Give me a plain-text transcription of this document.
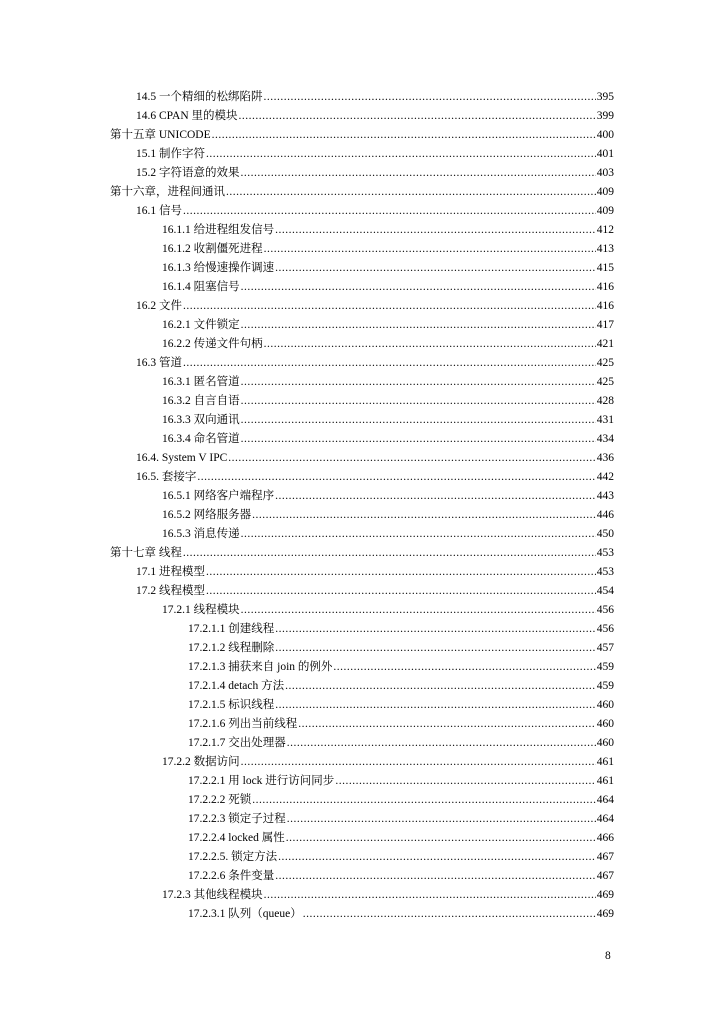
14.5 一个精细的松绑陷阱 .....	395
14.6 CPAN 里的模块 .....	399
第十五章 UNICODE .....	400
15.1 制作字符 .....	401
15.2 字符语意的效果 .....	403
第十六章，进程间通讯 .....	409
16.1 信号 .....	409
16.1.1 给进程组发信号 .....	412
16.1.2 收割僵死进程 .....	413
16.1.3 给慢速操作调速 .....	415
16.1.4 阻塞信号 .....	416
16.2 文件 .....	416
16.2.1 文件锁定 .....	417
16.2.2 传递文件句柄 .....	421
16.3 管道 .....	425
16.3.1 匿名管道 .....	425
16.3.2 自言自语 .....	428
16.3.3 双向通讯 .....	431
16.3.4 命名管道 .....	434
16.4. System V IPC .....	436
16.5. 套接字 .....	442
16.5.1 网络客户端程序 .....	443
16.5.2 网络服务器 .....	446
16.5.3 消息传递 .....	450
第十七章 线程 .....	453
17.1 进程模型 .....	453
17.2 线程模型 .....	454
17.2.1 线程模块 .....	456
17.2.1.1 创建线程 .....	456
17.2.1.2 线程删除 .....	457
17.2.1.3 捕获来自 join 的例外 .....	459
17.2.1.4 detach 方法 .....	459
17.2.1.5 标识线程 .....	460
17.2.1.6 列出当前线程 .....	460
17.2.1.7 交出处理器 .....	460
17.2.2 数据访问 .....	461
17.2.2.1 用 lock 进行访问同步 .....	461
17.2.2.2 死锁 .....	464
17.2.2.3 锁定子过程 .....	464
17.2.2.4 locked 属性 .....	466
17.2.2.5. 锁定方法 .....	467
17.2.2.6 条件变量 .....	467
17.2.3 其他线程模块 .....	469
17.2.3.1 队列（queue） .....	469
8
